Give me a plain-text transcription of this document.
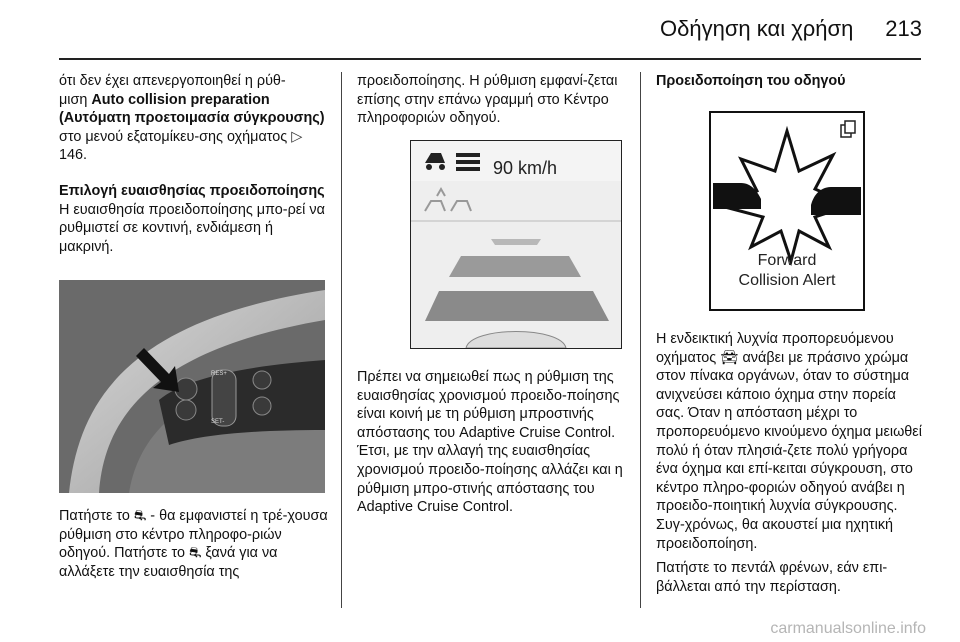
Οδήγηση και χρήση 213

ότι δεν έχει απενεργοποιηθεί η ρύθ-
μιση Auto collision preparation (Αυτόματη προετοιμασία σύγκρουσης) στο μενού εξατομίκευ-σης οχήματος ▷ 146.

Επιλογή ευαισθησίας προειδοποίησης

Η ευαισθησία προειδοποίησης μπο-ρεί να ρυθμιστεί σε κοντινή, ενδιάμεση ή μακρινή.

RES+
SET-

Πατήστε το ⛐ - θα εμφανιστεί η τρέ-χουσα ρύθμιση στο κέντρο πληροφο-ριών οδηγού. Πατήστε το ⛐ ξανά για να αλλάξετε την ευαισθησία της

προειδοποίησης. Η ρύθμιση εμφανί-ζεται επίσης στην επάνω γραμμή στο Κέντρο πληροφοριών οδηγού.

90 km/h

Πρέπει να σημειωθεί πως η ρύθμιση της ευαισθησίας χρονισμού προειδο-ποίησης είναι κοινή με τη ρύθμιση μπροστινής απόστασης του Adaptive Cruise Control. Έτσι, με την αλλαγή της ευαισθησίας χρονισμού προειδο-ποίησης αλλάζει και η ρύθμιση μπρο-στινής απόστασης του Adaptive Cruise Control.

Προειδοποίηση του οδηγού

Forward
Collision Alert

Η ενδεικτική λυχνία προπορευόμενου οχήματος 🚘︎ ανάβει με πράσινο χρώμα στον πίνακα οργάνων, όταν το σύστημα ανιχνεύσει κάποιο όχημα στην πορεία σας. Όταν η απόσταση μέχρι το προπορευόμενο κινούμενο όχημα μειωθεί πολύ ή όταν πλησιά-ζετε πολύ γρήγορα ένα όχημα και επί-κειται σύγκρουση, στο κέντρο πληρο-φοριών οδηγού ανάβει η προειδο-ποιητική λυχνία σύγκρουσης. Συγ-χρόνως, θα ακουστεί μια ηχητική προειδοποίηση.

Πατήστε το πεντάλ φρένων, εάν επι-βάλλεται από την περίσταση.

carmanualsonline.info
